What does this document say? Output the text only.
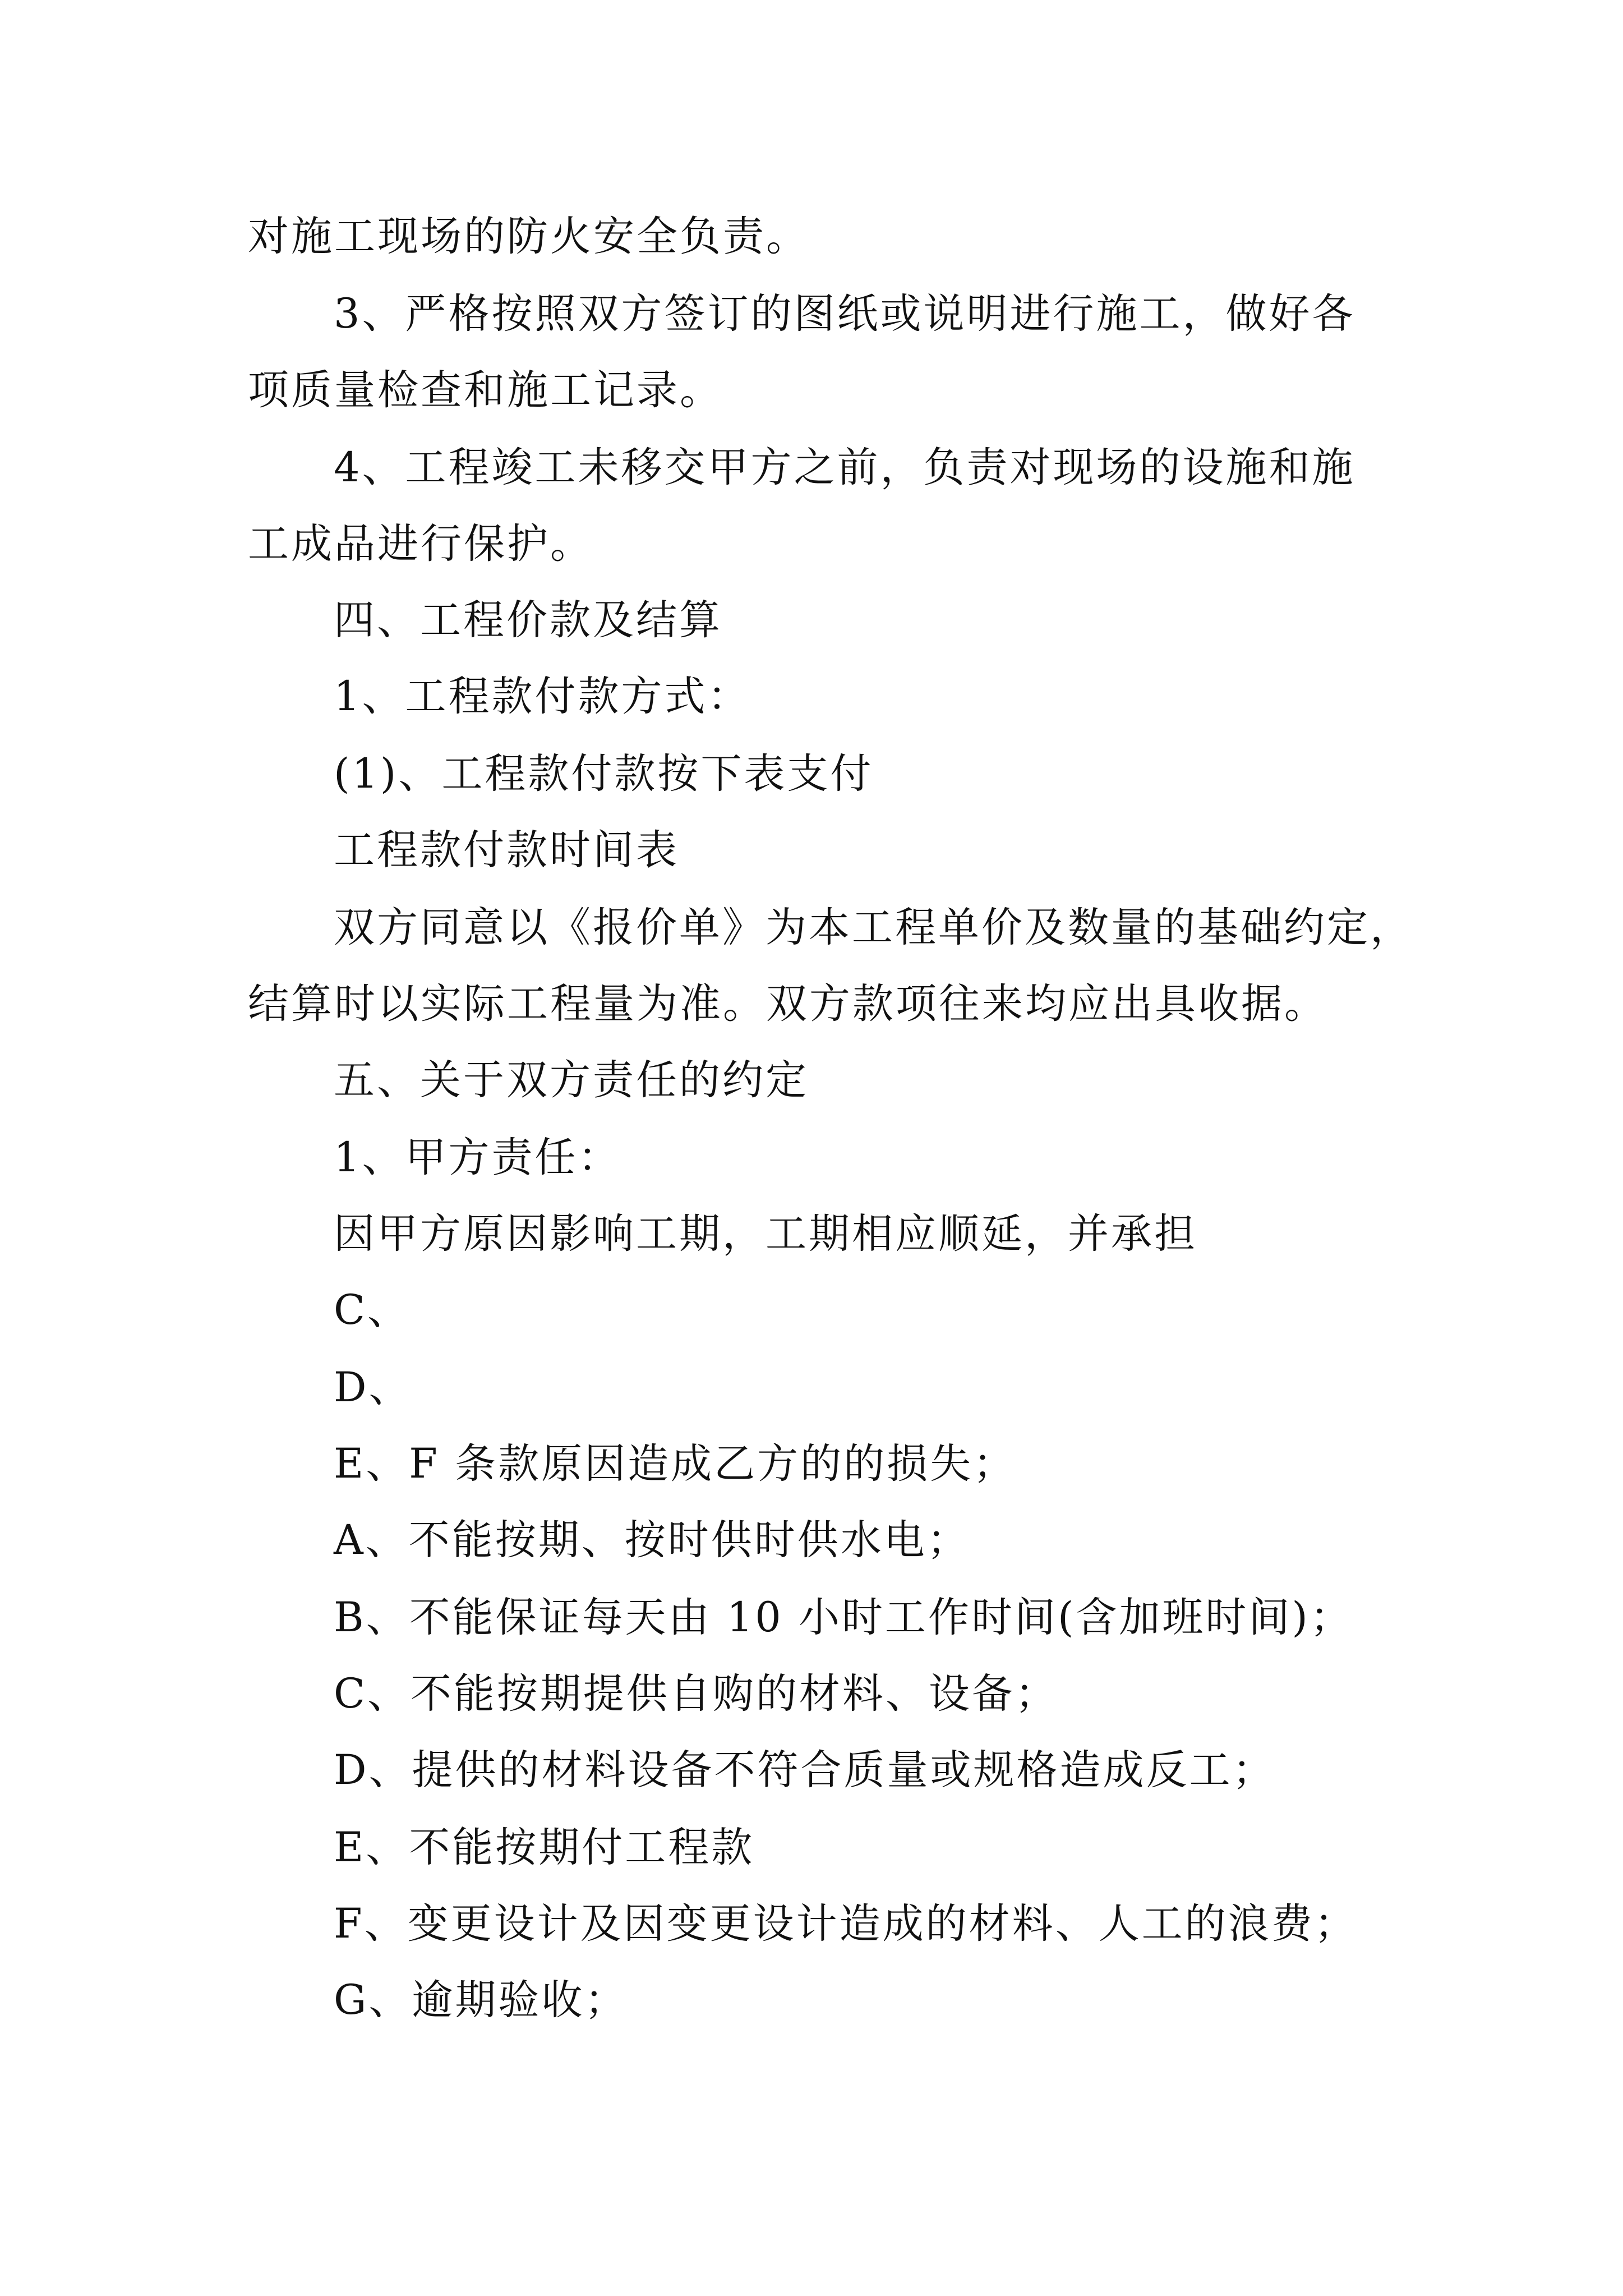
对施工现场的防火安全负责。
3、严格按照双方签订的图纸或说明进行施工，做好各
项质量检查和施工记录。
4、工程竣工未移交甲方之前，负责对现场的设施和施
工成品进行保护。
四、工程价款及结算
1、工程款付款方式：
(1)、工程款付款按下表支付
工程款付款时间表
双方同意以《报价单》为本工程单价及数量的基础约定，
结算时以实际工程量为准。双方款项往来均应出具收据。
五、关于双方责任的约定
1、甲方责任：
因甲方原因影响工期，工期相应顺延，并承担
C、
D、
E、F 条款原因造成乙方的的损失；
A、不能按期、按时供时供水电；
B、不能保证每天由 10 小时工作时间(含加班时间)；
C、不能按期提供自购的材料、设备；
D、提供的材料设备不符合质量或规格造成反工；
E、不能按期付工程款
F、变更设计及因变更设计造成的材料、人工的浪费；
G、逾期验收；
